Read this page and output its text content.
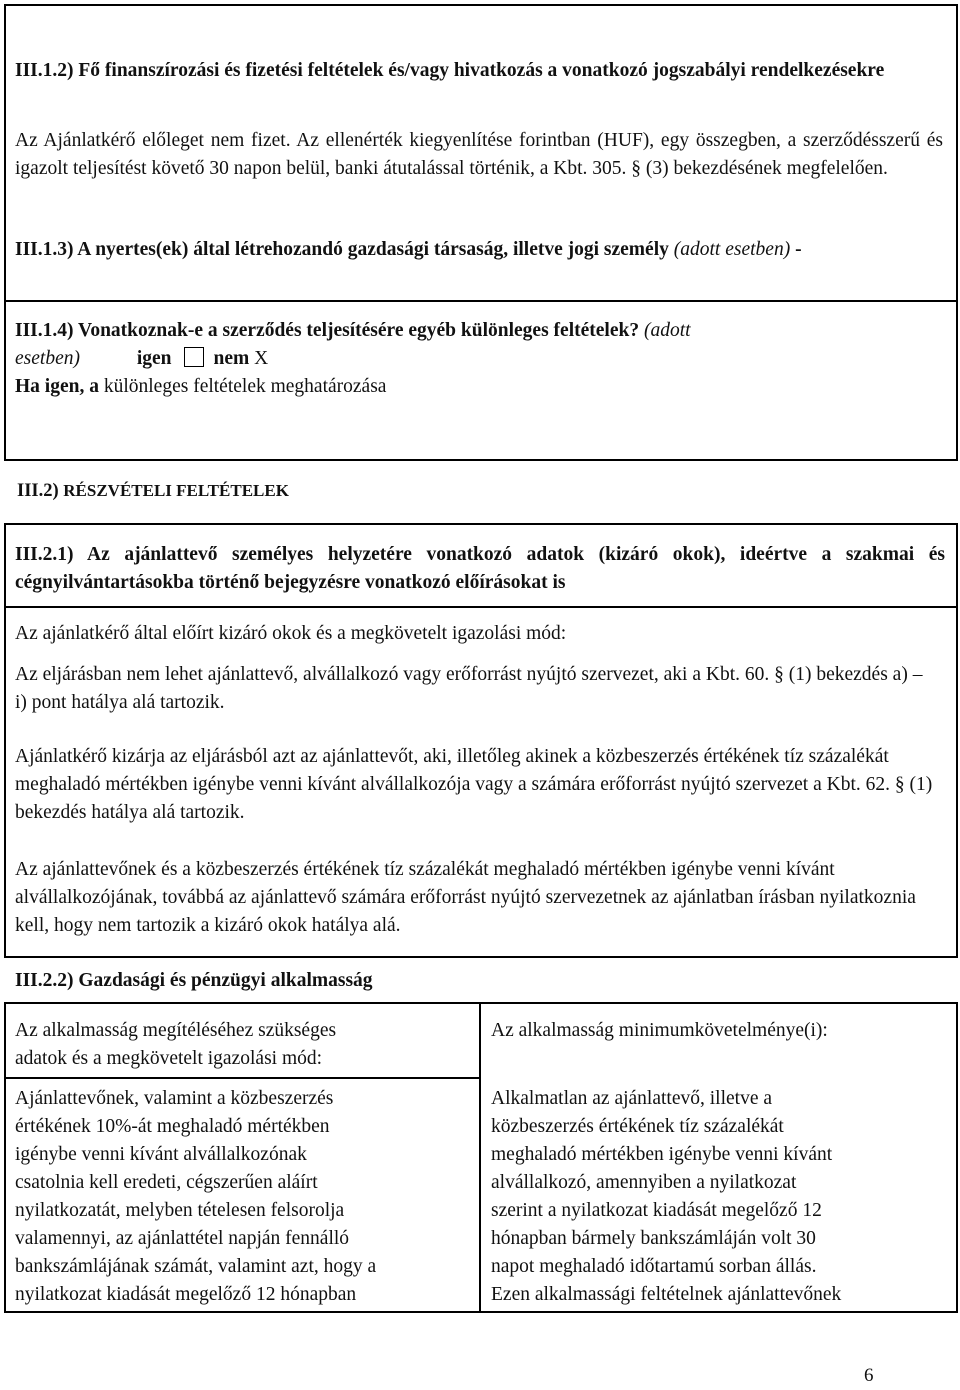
III.1.2) Fő finanszírozási és fizetési feltételek és/vagy hivatkozás a vonatkozó jogszabályi rendelkezésekre

Az Ajánlatkérő előleget nem fizet. Az ellenérték kiegyenlítése forintban (HUF), egy összegben, a szerződésszerű és igazolt teljesítést követő 30 napon belül, banki átutalással történik, a Kbt. 305. § (3) bekezdésének megfelelően.

III.1.3) A nyertes(ek) által létrehozandó gazdasági társaság, illetve jogi személy (adott esetben) -

III.1.4) Vonatkoznak-e a szerződés teljesítésére egyéb különleges feltételek? (adott

esetben)	igen nem X

Ha igen, a különleges feltételek meghatározása

III.2) RÉSZVÉTELI FELTÉTELEK

III.2.1) Az ajánlattevő személyes helyzetére vonatkozó adatok (kizáró okok), ideértve a szakmai és cégnyilvántartásokba történő bejegyzésre vonatkozó előírásokat is

Az ajánlatkérő által előírt kizáró okok és a megkövetelt igazolási mód:

Az eljárásban nem lehet ajánlattevő, alvállalkozó vagy erőforrást nyújtó szervezet, aki a Kbt. 60. § (1) bekezdés a) – i) pont hatálya alá tartozik.

Ajánlatkérő kizárja az eljárásból azt az ajánlattevőt, aki, illetőleg akinek a közbeszerzés értékének tíz százalékát meghaladó mértékben igénybe venni kívánt alvállalkozója vagy a számára erőforrást nyújtó szervezet a Kbt. 62. § (1) bekezdés hatálya alá tartozik.

Az ajánlattevőnek és a közbeszerzés értékének tíz százalékát meghaladó mértékben igénybe venni kívánt alvállalkozójának, továbbá az ajánlattevő számára erőforrást nyújtó szervezetnek az ajánlatban írásban nyilatkoznia kell, hogy nem tartozik a kizáró okok hatálya alá.

III.2.2) Gazdasági és pénzügyi alkalmasság

Az alkalmasság megítéléséhez szükséges

adatok és a megkövetelt igazolási mód:

Ajánlattevőnek, valamint a közbeszerzés

értékének 10%-át meghaladó mértékben

igénybe venni kívánt alvállalkozónak

csatolnia kell eredeti, cégszerűen aláírt

nyilatkozatát, melyben tételesen felsorolja

valamennyi, az ajánlattétel napján fennálló

bankszámlájának számát, valamint azt, hogy a

nyilatkozat kiadását megelőző 12 hónapban

Az alkalmasság minimumkövetelménye(i):

Alkalmatlan az ajánlattevő, illetve a

közbeszerzés értékének tíz százalékát

meghaladó mértékben igénybe venni kívánt

alvállalkozó, amennyiben a nyilatkozat

szerint a nyilatkozat kiadását megelőző 12

hónapban bármely bankszámláján volt 30

napot meghaladó időtartamú sorban állás.

Ezen alkalmassági feltételnek ajánlattevőnek

6
